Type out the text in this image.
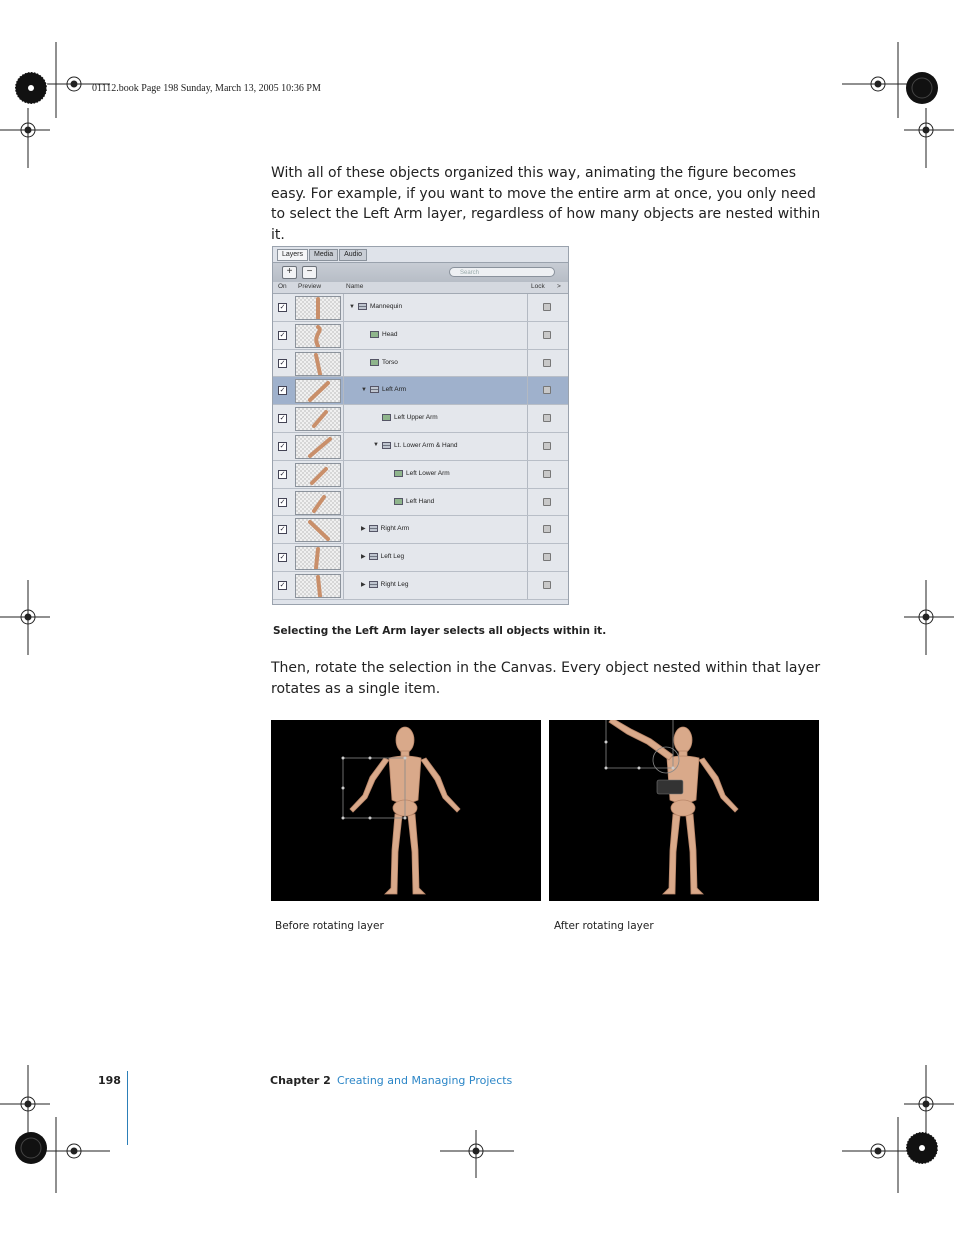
01112.book Page 198 Sunday, March 13, 2005 10:36 PM
With all of these objects organized this way, animating the figure becomes easy. For example, if you want to move the entire arm at once, you only need to select the Left Arm layer, regardless of how many objects are nested within it.
Layers	Media	Audio
+	−	Search
On Preview	Name	Lock >
✓	▼ Mannequin
✓	Head
✓	Torso
✓	▼ Left Arm
✓	Left Upper Arm
✓	▼ Lt. Lower Arm & Hand
✓	Left Lower Arm
✓	Left Hand
✓	▶ Right Arm
✓	▶ Left Leg
✓	▶ Right Leg
Selecting the Left Arm layer selects all objects within it.
Then, rotate the selection in the Canvas. Every object nested within that layer rotates as a single item.
Before rotating layer	After rotating layer
198	Chapter 2 Creating and Managing Projects
